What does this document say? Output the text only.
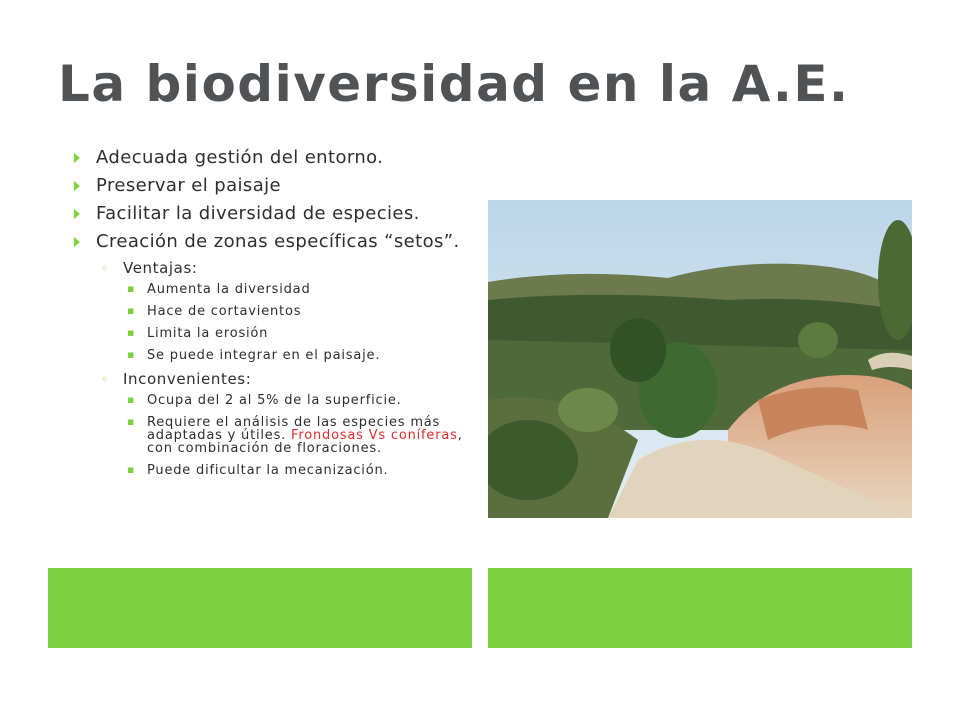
La biodiversidad en la A.E.
Adecuada gestión del entorno.
Preservar el paisaje
Facilitar la diversidad de especies.
Creación de zonas específicas “setos”.
◦ Ventajas:
▪ Aumenta la diversidad
▪ Hace de cortavientos
▪ Limita la erosión
▪ Se puede integrar en el paisaje.
◦ Inconvenientes:
▪ Ocupa del 2 al 5% de la superficie.
▪ Requiere el análisis de las especies más adaptadas y útiles. Frondosas Vs coníferas, con combinación de floraciones.
▪ Puede dificultar la mecanización.
